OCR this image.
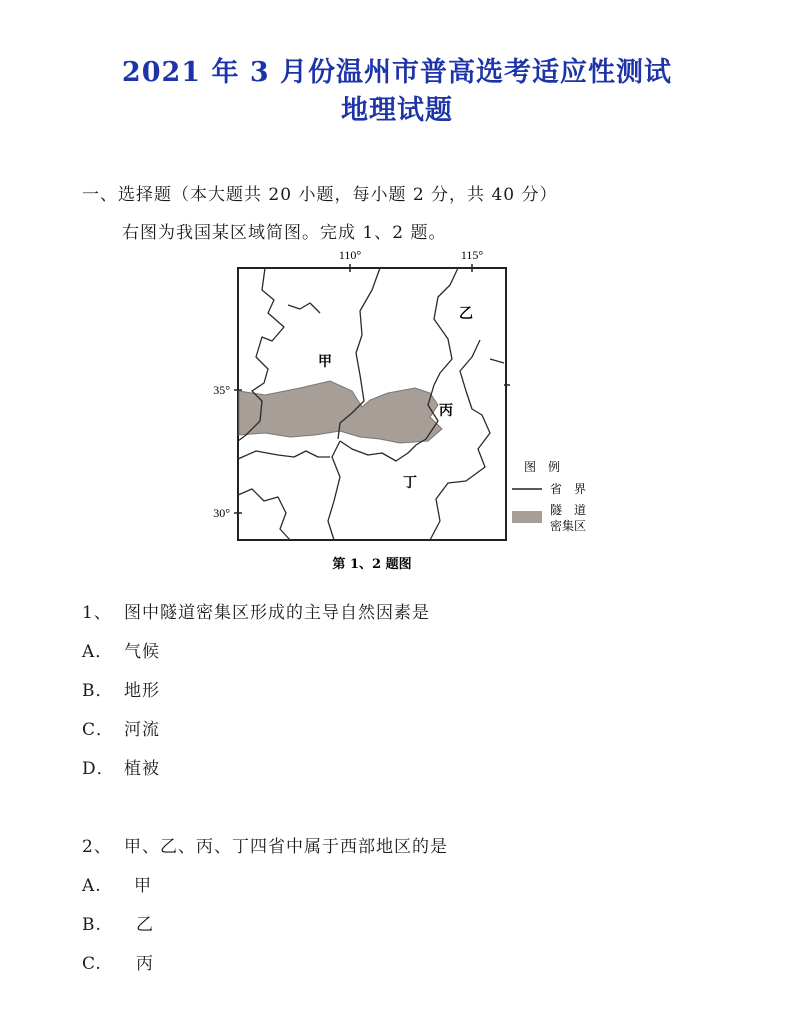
2021 年 3 月份温州市普高选考适应性测试
地理试题
一、选择题（本大题共 20 小题，每小题 2 分，共 40 分）
右图为我国某区域简图。完成 1、2 题。
110°	115°
35°
30°
甲
乙
丙
丁
图　例
省　界
隧　道
密集区
第 1、2 题图
1、 图中隧道密集区形成的主导自然因素是
A． 气候
B． 地形
C． 河流
D． 植被
2、 甲、乙、丙、丁四省中属于西部地区的是
A. 甲
B. 乙
C. 丙
